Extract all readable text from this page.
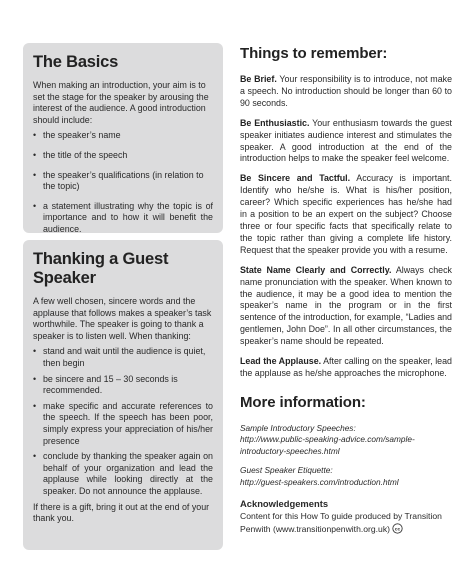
The Basics

When making an introduction, your aim is to set the stage for the speaker by arousing the interest of the audience. A good introduction should include:

• the speaker’s name
• the title of the speech
• the speaker’s qualifications (in relation to the topic)
• a statement illustrating why the topic is of importance and to how it will benefit the audience.
Thanking a Guest Speaker

A few well chosen, sincere words and the applause that follows makes a speaker’s task worthwhile. The speaker is going to thank a speaker is to listen well. When thanking:

• stand and wait until the audience is quiet, then begin
• be sincere and 15 – 30 seconds is recommended.
• make specific and accurate references to the speech. If the speech has been poor, simply express your appreciation of his/her presence
• conclude by thanking the speaker again on behalf of your organization and lead the applause while looking directly at the speaker. Do not announce the applause.

If there is a gift, bring it out at the end of your thank you.

Things to remember:

Be Brief. Your responsibility is to introduce, not make a speech. No introduction should be longer than 60 to 90 seconds.

Be Enthusiastic. Your enthusiasm towards the guest speaker initiates audience interest and stimulates the speaker. A good introduction at the end of the introduction helps to make the speaker feel welcome.

Be Sincere and Tactful. Accuracy is important. Identify who he/she is. What is his/her position, career? Which specific experiences has he/she had in a position to be an expert on the subject? Choose three or four specific facts that specifically relate to the topic rather than giving a complete life history. Request that the speaker provide you with a resume.

State Name Clearly and Correctly. Always check name pronunciation with the speaker. When known to the audience, it may be a good idea to mention the speaker’s name in the program or in the first sentence of the introduction, for example, “Ladies and gentlemen, John Doe”. In all other circumstances, the speaker’s name should be repeated.

Lead the Applause. After calling on the speaker, lead the applause as he/she approaches the microphone.

More information:

Sample Introductory Speeches:
http://www.public-speaking-advice.com/sample-introductory-speeches.html

Guest Speaker Etiquette:
http://guest-speakers.com/introduction.html

Acknowledgements

Content for this How To guide produced by Transition Penwith (www.transitionpenwith.org.uk) cc
